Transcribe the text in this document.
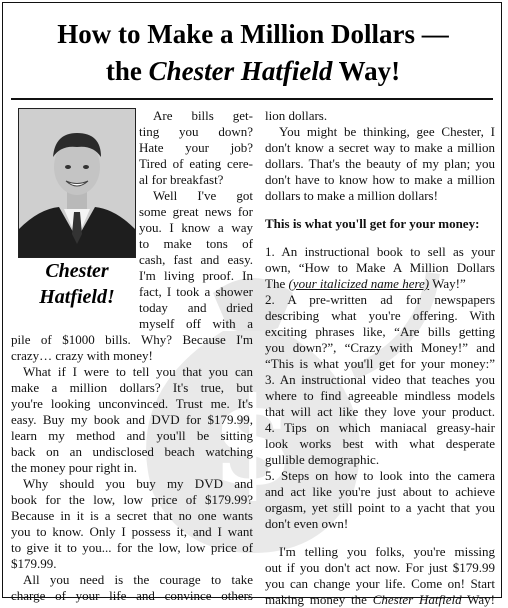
How to Make a Million Dollars —
the Chester Hatfield Way!
Chester
Hatfield!
$

Are bills get-

ting you down?

Hate your job?

Tired of eating cere-

al for breakfast?

Well I've got

some great news for

you. I know a way

to make tons of

cash, fast and easy.

I'm living proof. In

fact, I took a shower

today and dried

myself off with a

pile of $1000 bills. Why? Because I'm

crazy… crazy with money!

What if I were to tell you that you can

make a million dollars? It's true, but

you're looking unconvinced. Trust me. It's

easy. Buy my book and DVD for $179.99,

learn my method and you'll be sitting

back on an undisclosed beach watching

the money pour right in.

Why should you buy my DVD and

book for the low, low price of $179.99?

Because in it is a secret that no one wants

you to know. Only I possess it, and I want

to give it to you... for the low, low price of

$179.99.

All you need is the courage to take

charge of your life and convince others

lion dollars.

You might be thinking, gee Chester, I

don't know a secret way to make a million

dollars. That's the beauty of my plan; you

don't have to know how to make a million

dollars to make a million dollars!

This is what you'll get for your money:

1. An instructional book to sell as your

own, “How to Make A Million Dollars

The (your italicized name here) Way!”

2. A pre-written ad for newspapers

describing what you're offering. With

exciting phrases like, “Are bills getting

you down?”, “Crazy with Money!” and

“This is what you'll get for your money:”

3. An instructional video that teaches you

where to find agreeable mindless models

that will act like they love your product.

4. Tips on which maniacal greasy-hair

look works best with what desperate

gullible demographic.

5. Steps on how to look into the camera

and act like you're just about to achieve

orgasm, yet still point to a yacht that you

don't even own!

I'm telling you folks, you're missing

out if you don't act now. For just $179.99

you can change your life. Come on! Start

making money the Chester Hatfield Way!
